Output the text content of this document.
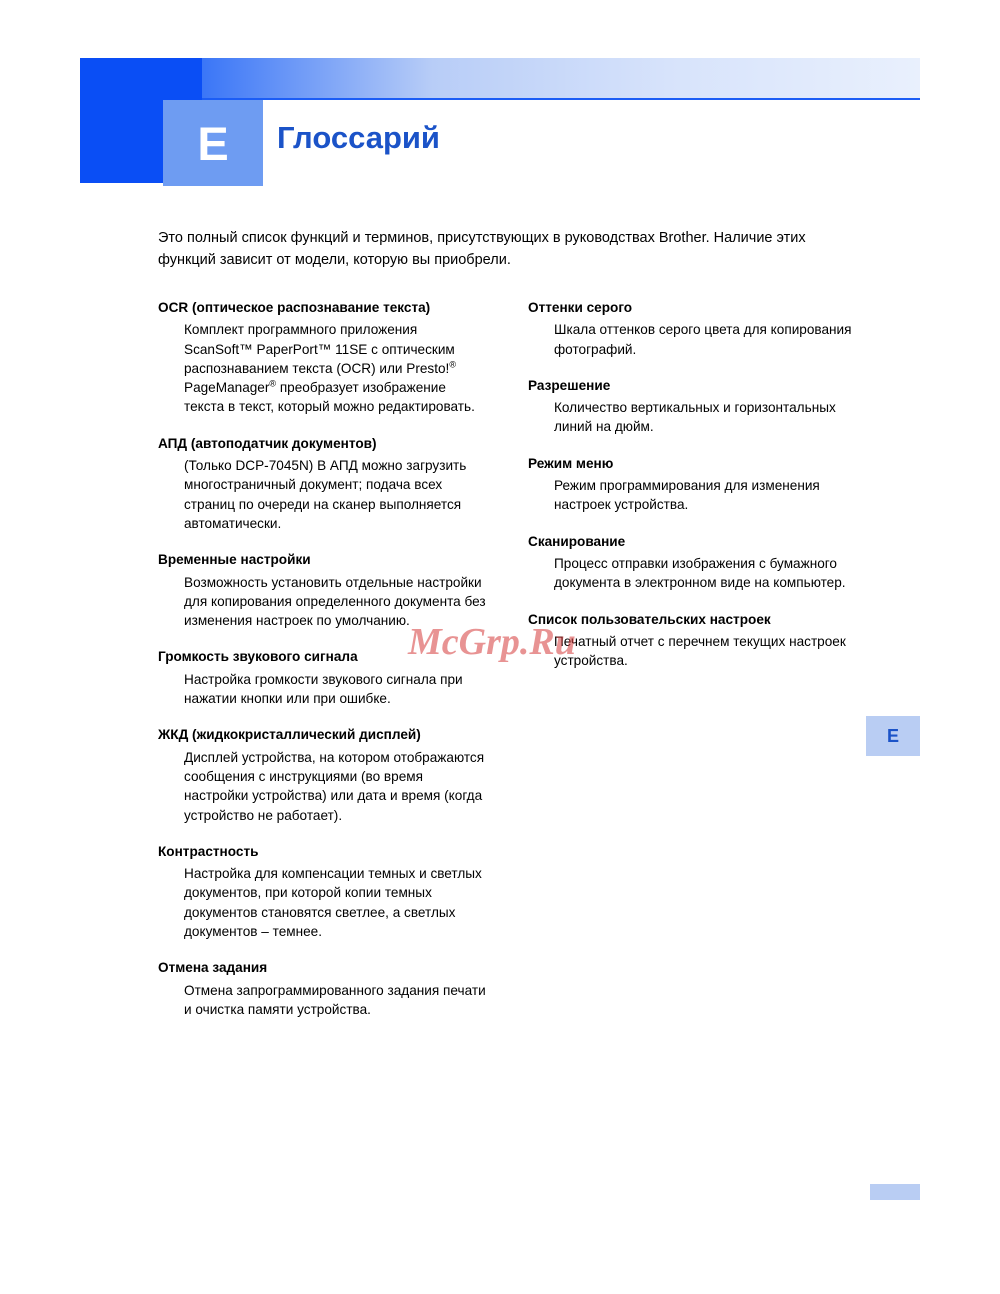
E	Глоссарий
Это полный список функций и терминов, присутствующих в руководствах Brother. Наличие этих функций зависит от модели, которую вы приобрели.
OCR (оптическое распознавание текста)
Комплект программного приложения ScanSoft™ PaperPort™ 11SE с оптическим распознаванием текста (OCR) или Presto!® PageManager® преобразует изображение текста в текст, который можно редактировать.
АПД (автоподатчик документов)
(Только DCP-7045N) В АПД можно загрузить многостраничный документ; подача всех страниц по очереди на сканер выполняется автоматически.
Временные настройки
Возможность установить отдельные настройки для копирования определенного документа без изменения настроек по умолчанию.
Громкость звукового сигнала
Настройка громкости звукового сигнала при нажатии кнопки или при ошибке.
ЖКД (жидкокристаллический дисплей)
Дисплей устройства, на котором отображаются сообщения с инструкциями (во время настройки устройства) или дата и время (когда устройство не работает).
Контрастность
Настройка для компенсации темных и светлых документов, при которой копии темных документов становятся светлее, а светлых документов – темнее.
Отмена задания
Отмена запрограммированного задания печати и очистка памяти устройства.
Оттенки серого
Шкала оттенков серого цвета для копирования фотографий.
Разрешение
Количество вертикальных и горизонтальных линий на дюйм.
Режим меню
Режим программирования для изменения настроек устройства.
Сканирование
Процесс отправки изображения с бумажного документа в электронном виде на компьютер.
Список пользовательских настроек
Печатный отчет с перечнем текущих настроек устройства.
E
McGrp.Ru
